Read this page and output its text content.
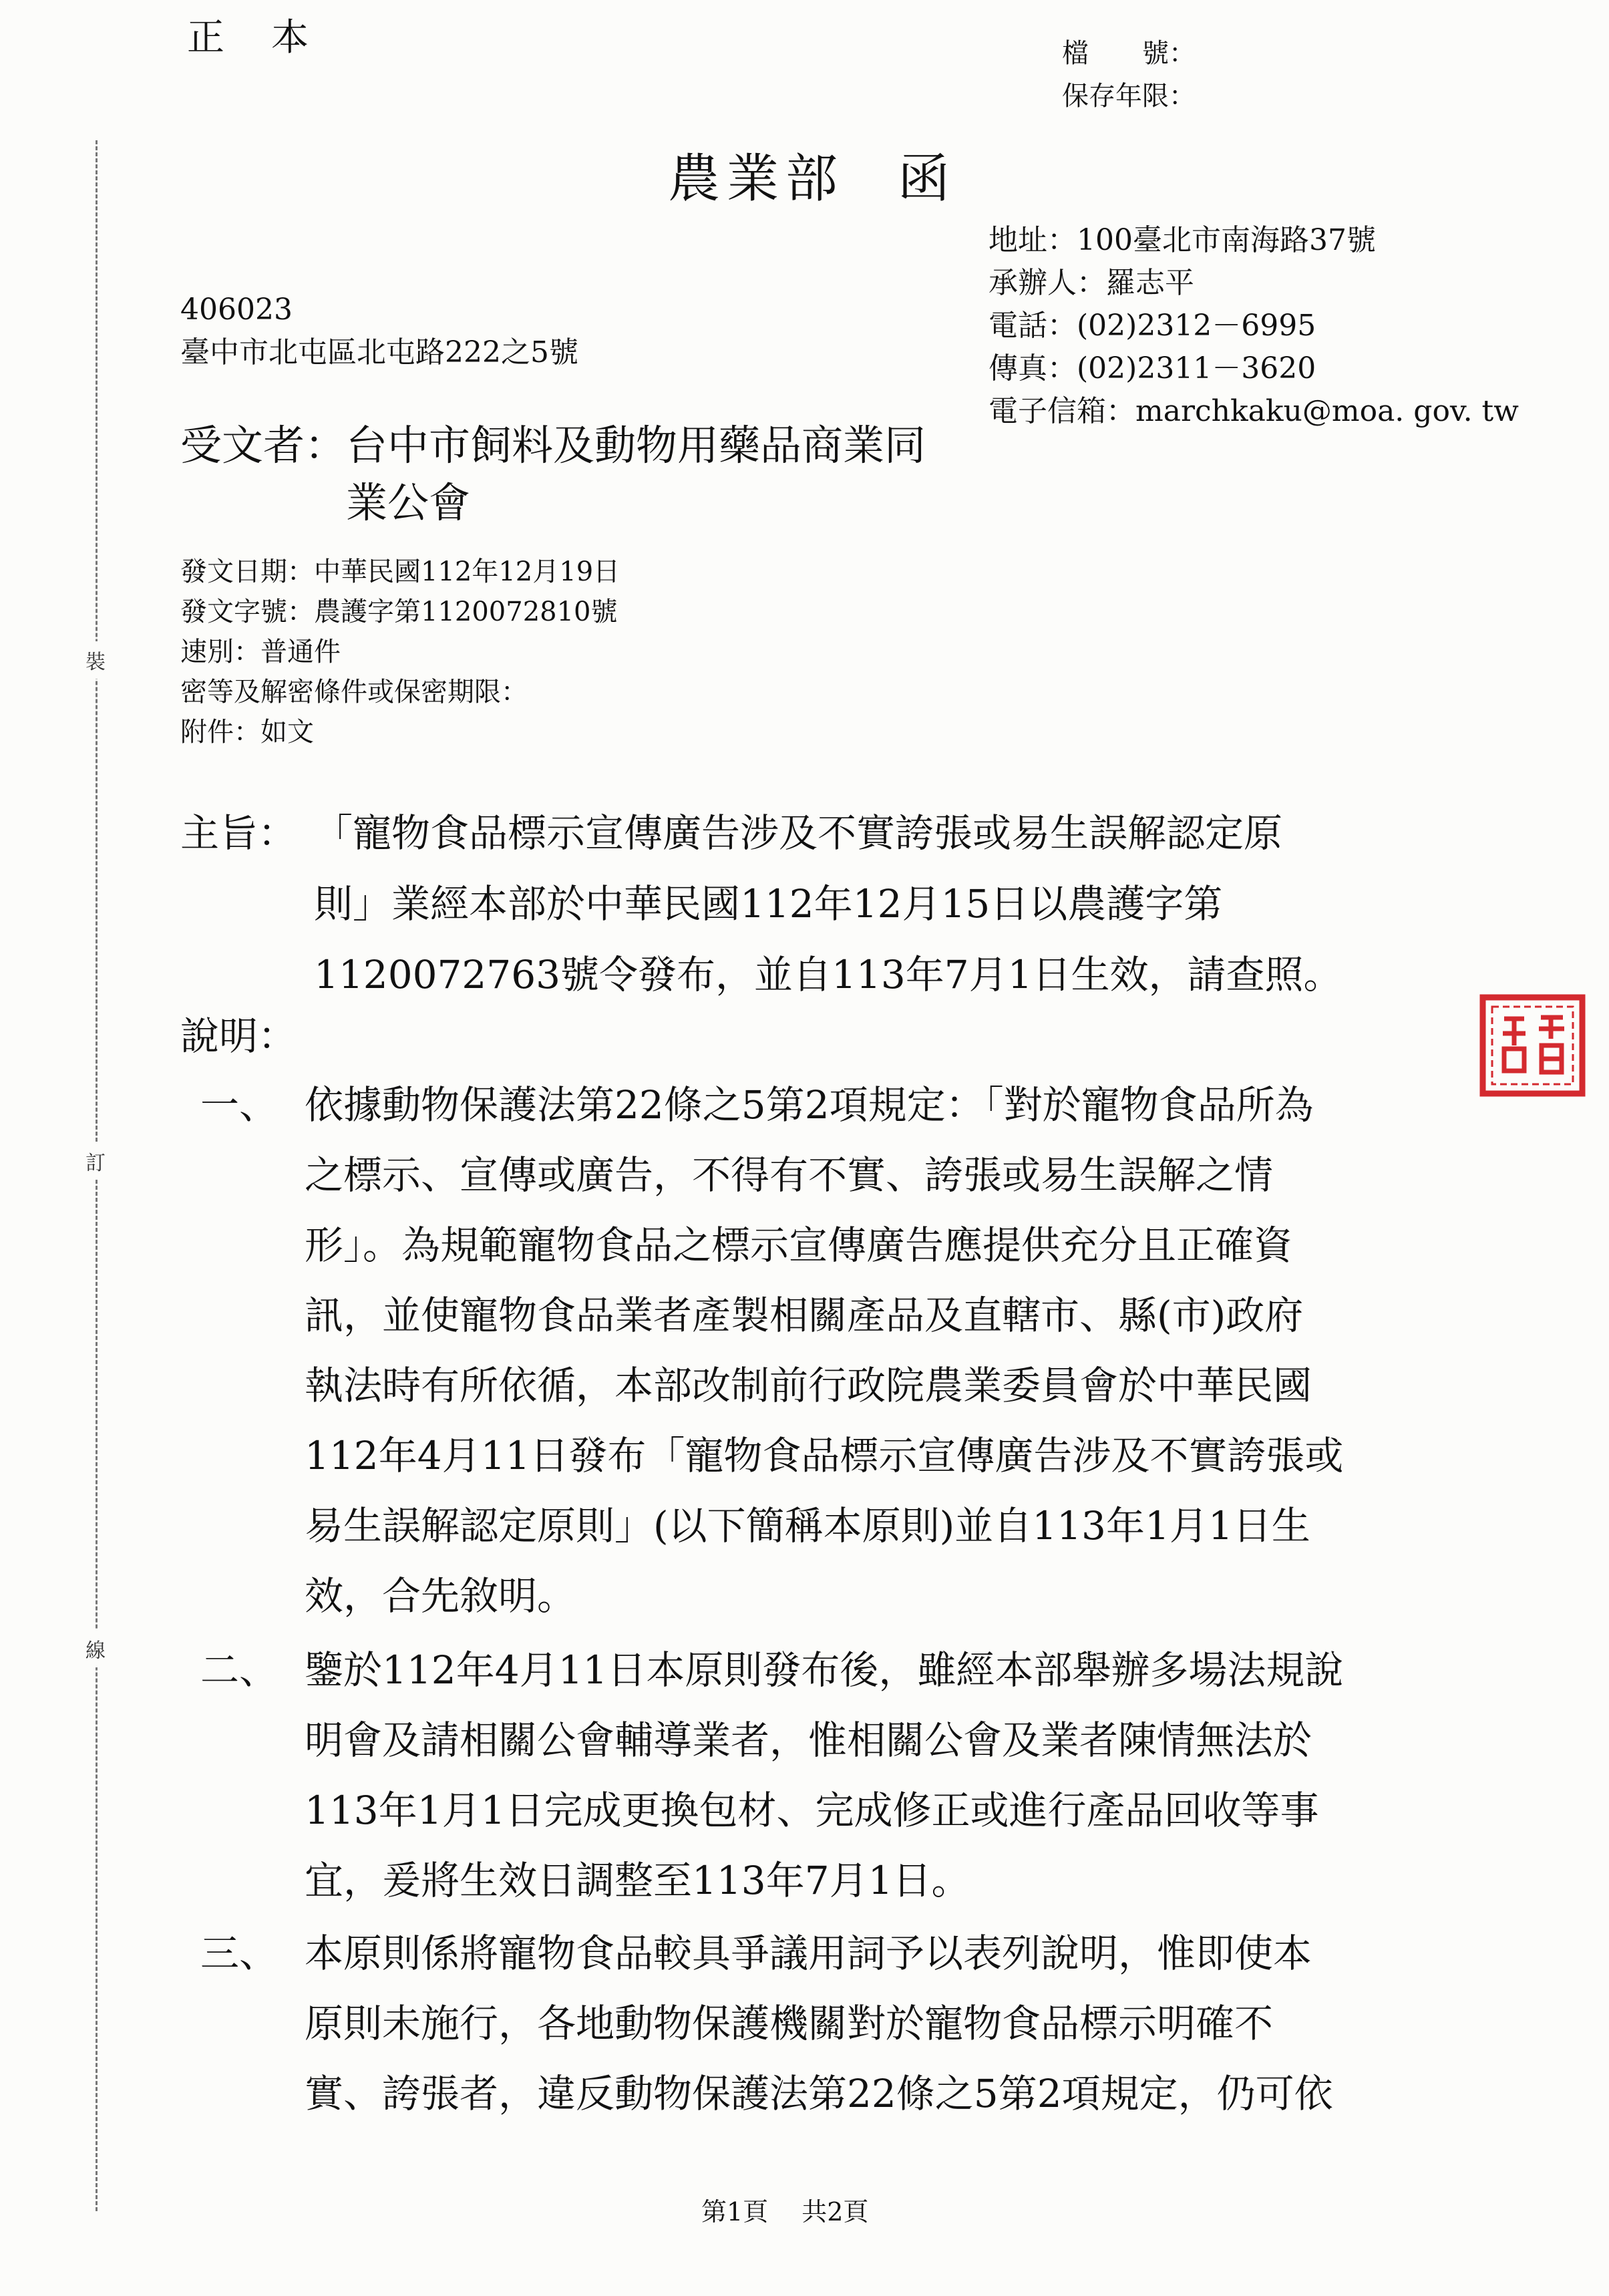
裝
訂
線
正本	檔　　號：
保存年限：
農業部 函
地址：100臺北市南海路37號
承辦人：羅志平
電話：(02)2312－6995
傳真：(02)2311－3620
電子信箱：marchkaku@moa. gov. tw
406023
臺中市北屯區北屯路222之5號
受文者：台中市飼料及動物用藥品商業同
業公會
發文日期：中華民國112年12月19日
發文字號：農護字第1120072810號
速別：普通件
密等及解密條件或保密期限：
附件：如文
主旨： 「寵物食品標示宣傳廣告涉及不實誇張或易生誤解認定原
則」業經本部於中華民國112年12月15日以農護字第
1120072763號令發布，並自113年7月1日生效，請查照。
說明：
一、 依據動物保護法第22條之5第2項規定：「對於寵物食品所為
之標示、宣傳或廣告，不得有不實、誇張或易生誤解之情
形」。為規範寵物食品之標示宣傳廣告應提供充分且正確資
訊，並使寵物食品業者產製相關產品及直轄市、縣(市)政府
執法時有所依循，本部改制前行政院農業委員會於中華民國
112年4月11日發布「寵物食品標示宣傳廣告涉及不實誇張或
易生誤解認定原則」(以下簡稱本原則)並自113年1月1日生
效，合先敘明。
二、 鑒於112年4月11日本原則發布後，雖經本部舉辦多場法規說
明會及請相關公會輔導業者，惟相關公會及業者陳情無法於
113年1月1日完成更換包材、完成修正或進行產品回收等事
宜，爰將生效日調整至113年7月1日。
三、 本原則係將寵物食品較具爭議用詞予以表列說明，惟即使本
原則未施行，各地動物保護機關對於寵物食品標示明確不
實、誇張者，違反動物保護法第22條之5第2項規定，仍可依
第1頁 共2頁
